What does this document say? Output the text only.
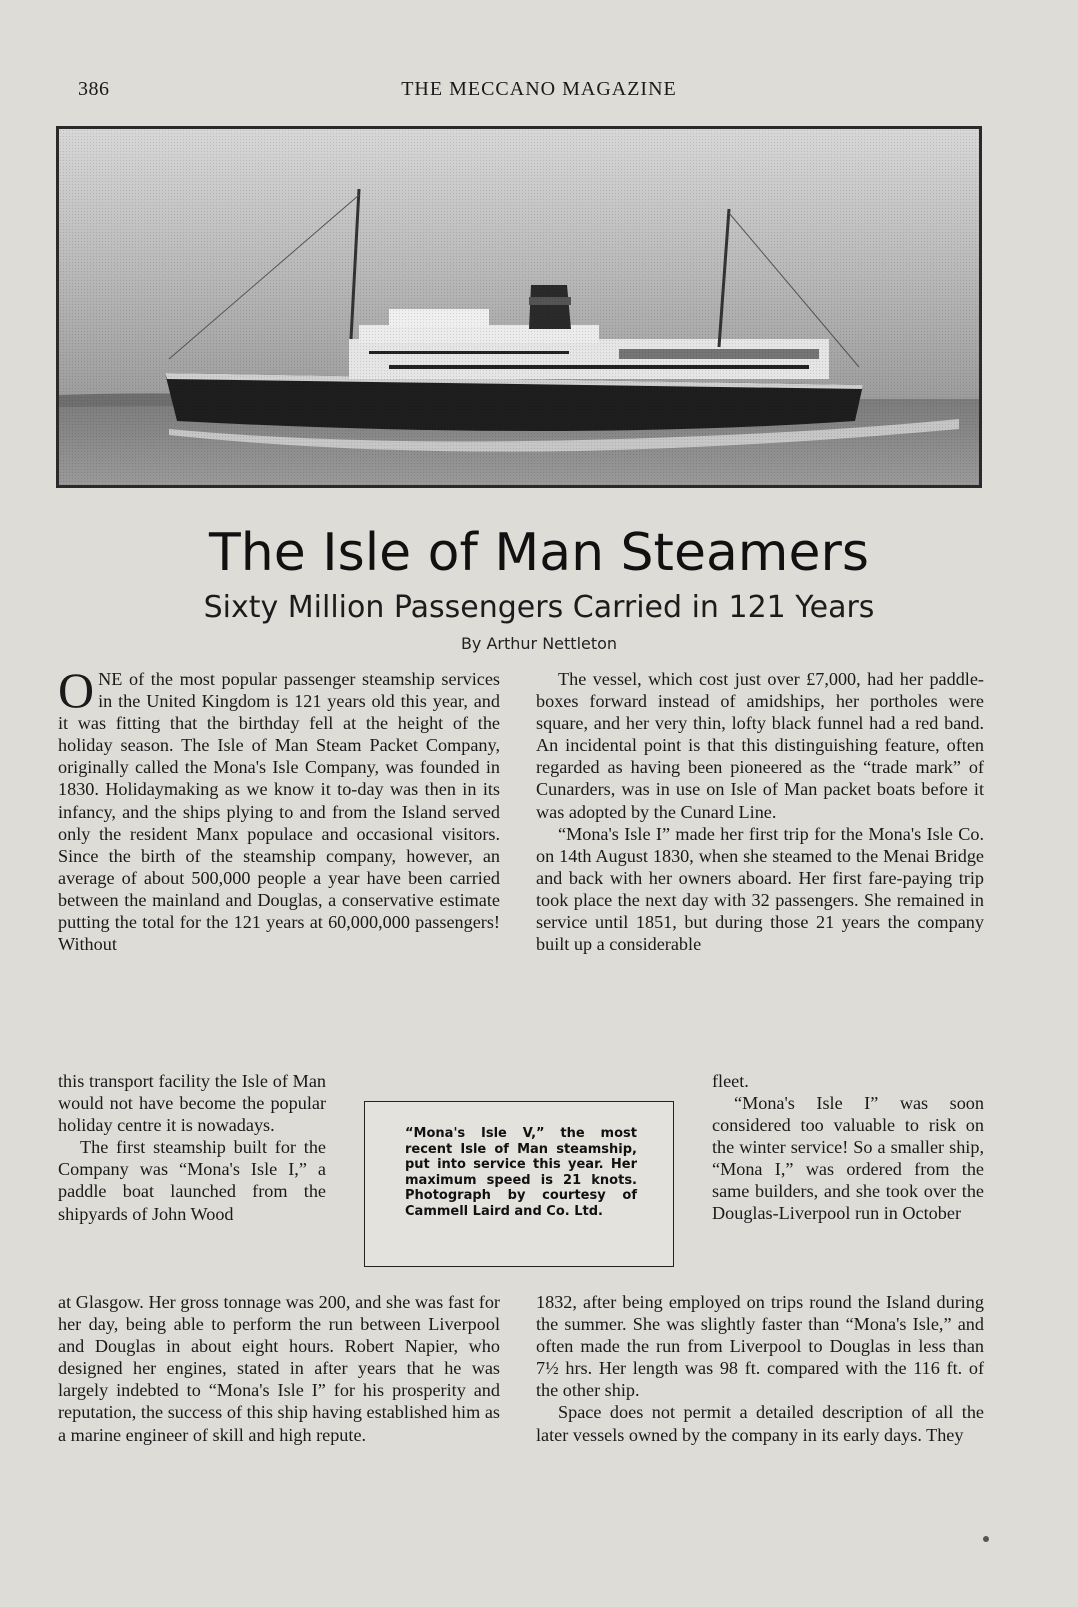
386	THE MECCANO MAGAZINE
The Isle of Man Steamers
Sixty Million Passengers Carried in 121 Years
By Arthur Nettleton

ONE of the most popular passenger steamship services in the United Kingdom is 121 years old this year, and it was fitting that the birthday fell at the height of the holiday season. The Isle of Man Steam Packet Company, originally called the Mona's Isle Company, was founded in 1830. Holidaymaking as we know it to-day was then in its infancy, and the ships plying to and from the Island served only the resident Manx populace and occasional visitors. Since the birth of the steamship company, however, an average of about 500,000 people a year have been carried between the mainland and Douglas, a conservative estimate putting the total for the 121 years at 60,000,000 passengers! Without

this transport facility the Isle of Man would not have become the popular holiday centre it is nowadays.

The first steamship built for the Company was “Mona's Isle I,” a paddle boat launched from the shipyards of John Wood

at Glasgow. Her gross tonnage was 200, and she was fast for her day, being able to perform the run between Liverpool and Douglas in about eight hours. Robert Napier, who designed her engines, stated in after years that he was largely indebted to “Mona's Isle I” for his prosperity and reputation, the success of this ship having established him as a marine engineer of skill and high repute.

The vessel, which cost just over £7,000, had her paddle-boxes forward instead of amidships, her portholes were square, and her very thin, lofty black funnel had a red band. An incidental point is that this distinguishing feature, often regarded as having been pioneered as the “trade mark” of Cunarders, was in use on Isle of Man packet boats before it was adopted by the Cunard Line.

“Mona's Isle I” made her first trip for the Mona's Isle Co. on 14th August 1830, when she steamed to the Menai Bridge and back with her owners aboard. Her first fare-paying trip took place the next day with 32 passengers. She remained in service until 1851, but during those 21 years the company built up a considerable

fleet.

“Mona's Isle I” was soon considered too valuable to risk on the winter service! So a smaller ship, “Mona I,” was ordered from the same builders, and she took over the Douglas-Liverpool run in October

1832, after being employed on trips round the Island during the summer. She was slightly faster than “Mona's Isle,” and often made the run from Liverpool to Douglas in less than 7½ hrs. Her length was 98 ft. compared with the 116 ft. of the other ship.

Space does not permit a detailed description of all the later vessels owned by the company in its early days. They

“Mona's Isle V,” the most recent Isle of Man steamship, put into service this year. Her maximum speed is 21 knots. Photograph by courtesy of Cammell Laird and Co. Ltd.
